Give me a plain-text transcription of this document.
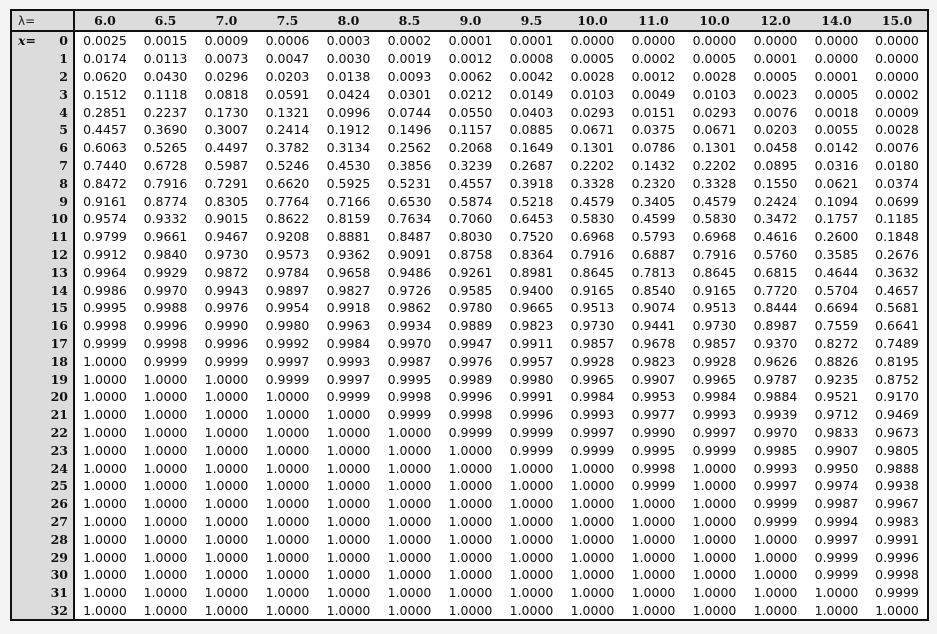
λ=	6.0	6.5	7.0	7.5	8.0	8.5	9.0	9.5	10.0	11.0	10.0	12.0	14.0	15.0

x= 0	0.0025	0.0015	0.0009	0.0006	0.0003	0.0002	0.0001	0.0001	0.0000	0.0000	0.0000	0.0000	0.0000	0.0000
1	0.0174	0.0113	0.0073	0.0047	0.0030	0.0019	0.0012	0.0008	0.0005	0.0002	0.0005	0.0001	0.0000	0.0000
2	0.0620	0.0430	0.0296	0.0203	0.0138	0.0093	0.0062	0.0042	0.0028	0.0012	0.0028	0.0005	0.0001	0.0000
3	0.1512	0.1118	0.0818	0.0591	0.0424	0.0301	0.0212	0.0149	0.0103	0.0049	0.0103	0.0023	0.0005	0.0002
4	0.2851	0.2237	0.1730	0.1321	0.0996	0.0744	0.0550	0.0403	0.0293	0.0151	0.0293	0.0076	0.0018	0.0009
5	0.4457	0.3690	0.3007	0.2414	0.1912	0.1496	0.1157	0.0885	0.0671	0.0375	0.0671	0.0203	0.0055	0.0028
6	0.6063	0.5265	0.4497	0.3782	0.3134	0.2562	0.2068	0.1649	0.1301	0.0786	0.1301	0.0458	0.0142	0.0076
7	0.7440	0.6728	0.5987	0.5246	0.4530	0.3856	0.3239	0.2687	0.2202	0.1432	0.2202	0.0895	0.0316	0.0180
8	0.8472	0.7916	0.7291	0.6620	0.5925	0.5231	0.4557	0.3918	0.3328	0.2320	0.3328	0.1550	0.0621	0.0374
9	0.9161	0.8774	0.8305	0.7764	0.7166	0.6530	0.5874	0.5218	0.4579	0.3405	0.4579	0.2424	0.1094	0.0699
10	0.9574	0.9332	0.9015	0.8622	0.8159	0.7634	0.7060	0.6453	0.5830	0.4599	0.5830	0.3472	0.1757	0.1185
11	0.9799	0.9661	0.9467	0.9208	0.8881	0.8487	0.8030	0.7520	0.6968	0.5793	0.6968	0.4616	0.2600	0.1848
12	0.9912	0.9840	0.9730	0.9573	0.9362	0.9091	0.8758	0.8364	0.7916	0.6887	0.7916	0.5760	0.3585	0.2676
13	0.9964	0.9929	0.9872	0.9784	0.9658	0.9486	0.9261	0.8981	0.8645	0.7813	0.8645	0.6815	0.4644	0.3632
14	0.9986	0.9970	0.9943	0.9897	0.9827	0.9726	0.9585	0.9400	0.9165	0.8540	0.9165	0.7720	0.5704	0.4657
15	0.9995	0.9988	0.9976	0.9954	0.9918	0.9862	0.9780	0.9665	0.9513	0.9074	0.9513	0.8444	0.6694	0.5681
16	0.9998	0.9996	0.9990	0.9980	0.9963	0.9934	0.9889	0.9823	0.9730	0.9441	0.9730	0.8987	0.7559	0.6641
17	0.9999	0.9998	0.9996	0.9992	0.9984	0.9970	0.9947	0.9911	0.9857	0.9678	0.9857	0.9370	0.8272	0.7489
18	1.0000	0.9999	0.9999	0.9997	0.9993	0.9987	0.9976	0.9957	0.9928	0.9823	0.9928	0.9626	0.8826	0.8195
19	1.0000	1.0000	1.0000	0.9999	0.9997	0.9995	0.9989	0.9980	0.9965	0.9907	0.9965	0.9787	0.9235	0.8752
20	1.0000	1.0000	1.0000	1.0000	0.9999	0.9998	0.9996	0.9991	0.9984	0.9953	0.9984	0.9884	0.9521	0.9170
21	1.0000	1.0000	1.0000	1.0000	1.0000	0.9999	0.9998	0.9996	0.9993	0.9977	0.9993	0.9939	0.9712	0.9469
22	1.0000	1.0000	1.0000	1.0000	1.0000	1.0000	0.9999	0.9999	0.9997	0.9990	0.9997	0.9970	0.9833	0.9673
23	1.0000	1.0000	1.0000	1.0000	1.0000	1.0000	1.0000	0.9999	0.9999	0.9995	0.9999	0.9985	0.9907	0.9805
24	1.0000	1.0000	1.0000	1.0000	1.0000	1.0000	1.0000	1.0000	1.0000	0.9998	1.0000	0.9993	0.9950	0.9888
25	1.0000	1.0000	1.0000	1.0000	1.0000	1.0000	1.0000	1.0000	1.0000	0.9999	1.0000	0.9997	0.9974	0.9938
26	1.0000	1.0000	1.0000	1.0000	1.0000	1.0000	1.0000	1.0000	1.0000	1.0000	1.0000	0.9999	0.9987	0.9967
27	1.0000	1.0000	1.0000	1.0000	1.0000	1.0000	1.0000	1.0000	1.0000	1.0000	1.0000	0.9999	0.9994	0.9983
28	1.0000	1.0000	1.0000	1.0000	1.0000	1.0000	1.0000	1.0000	1.0000	1.0000	1.0000	1.0000	0.9997	0.9991
29	1.0000	1.0000	1.0000	1.0000	1.0000	1.0000	1.0000	1.0000	1.0000	1.0000	1.0000	1.0000	0.9999	0.9996
30	1.0000	1.0000	1.0000	1.0000	1.0000	1.0000	1.0000	1.0000	1.0000	1.0000	1.0000	1.0000	0.9999	0.9998
31	1.0000	1.0000	1.0000	1.0000	1.0000	1.0000	1.0000	1.0000	1.0000	1.0000	1.0000	1.0000	1.0000	0.9999
32	1.0000	1.0000	1.0000	1.0000	1.0000	1.0000	1.0000	1.0000	1.0000	1.0000	1.0000	1.0000	1.0000	1.0000
